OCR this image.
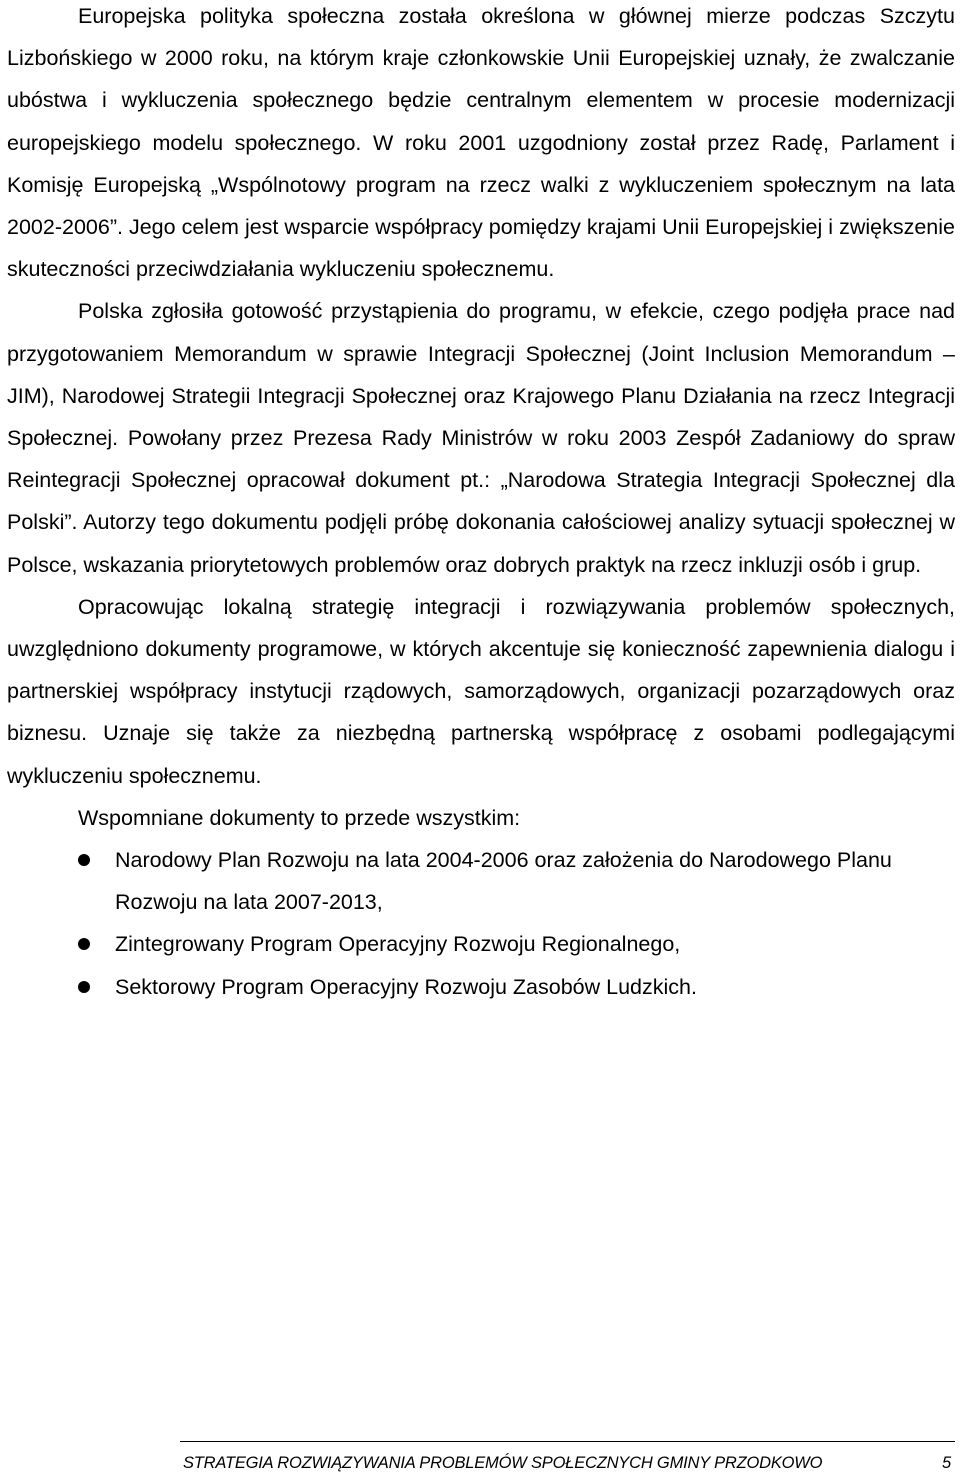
Europejska polityka społeczna została określona w głównej mierze podczas Szczytu Lizbońskiego w 2000 roku, na którym kraje członkowskie Unii Europejskiej uznały, że zwalczanie ubóstwa i wykluczenia społecznego będzie centralnym elementem w procesie modernizacji europejskiego modelu społecznego. W roku 2001 uzgodniony został przez Radę, Parlament i Komisję Europejską „Wspólnotowy program na rzecz walki z wykluczeniem społecznym na lata 2002-2006”. Jego celem jest wsparcie współpracy pomiędzy krajami Unii Europejskiej i zwiększenie skuteczności przeciwdziałania wykluczeniu społecznemu.

Polska zgłosiła gotowość przystąpienia do programu, w efekcie, czego podjęła prace nad przygotowaniem Memorandum w sprawie Integracji Społecznej (Joint Inclusion Memorandum – JIM), Narodowej Strategii Integracji Społecznej oraz Krajowego Planu Działania na rzecz Integracji Społecznej. Powołany przez Prezesa Rady Ministrów w roku 2003 Zespół Zadaniowy do spraw Reintegracji Społecznej opracował dokument pt.: „Narodowa Strategia Integracji Społecznej dla Polski”. Autorzy tego dokumentu podjęli próbę dokonania całościowej analizy sytuacji społecznej w Polsce, wskazania priorytetowych problemów oraz dobrych praktyk na rzecz inkluzji osób i grup.

Opracowując lokalną strategię integracji i rozwiązywania problemów społecznych, uwzględniono dokumenty programowe, w których akcentuje się konieczność zapewnienia dialogu i partnerskiej współpracy instytucji rządowych, samorządowych, organizacji pozarządowych oraz biznesu. Uznaje się także za niezbędną partnerską współpracę z osobami podlegającymi wykluczeniu społecznemu.

Wspomniane dokumenty to przede wszystkim:

Narodowy Plan Rozwoju na lata 2004-2006 oraz założenia do Narodowego Planu Rozwoju na lata 2007-2013,
Zintegrowany Program Operacyjny Rozwoju Regionalnego,
Sektorowy Program Operacyjny Rozwoju Zasobów Ludzkich.
STRATEGIA ROZWIĄZYWANIA PROBLEMÓW SPOŁECZNYCH GMINY PRZODKOWO	5
